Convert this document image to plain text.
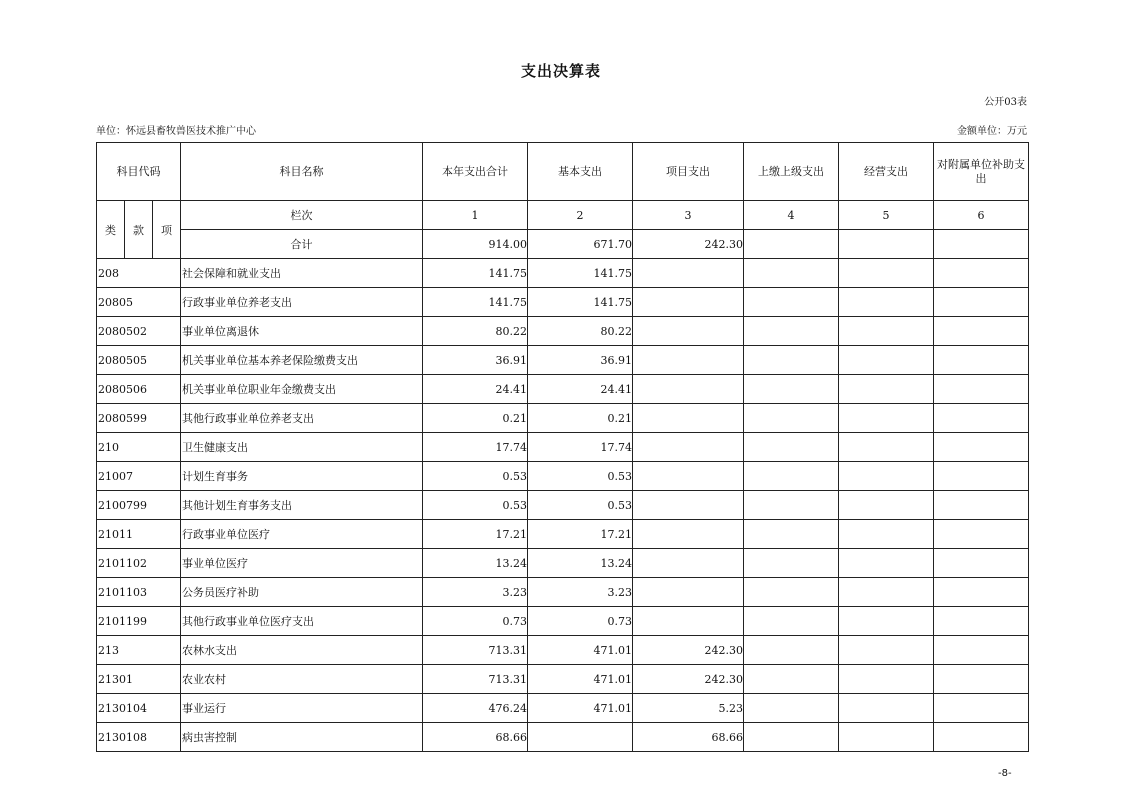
支出决算表
公开03表
单位：怀远县畜牧兽医技术推广中心	金额单位：万元
科目代码			科目名称	本年支出合计	基本支出	项目支出	上缴上级支出	经营支出	对附属单位补助支出
类	款	项	栏次	1	2	3	4	5	6
			合计	914.00	671.70	242.30			
208			社会保障和就业支出	141.75	141.75				
20805			行政事业单位养老支出	141.75	141.75				
2080502			事业单位离退休	80.22	80.22				
2080505			机关事业单位基本养老保险缴费支出	36.91	36.91				
2080506			机关事业单位职业年金缴费支出	24.41	24.41				
2080599			其他行政事业单位养老支出	0.21	0.21				
210			卫生健康支出	17.74	17.74				
21007			计划生育事务	0.53	0.53				
2100799			其他计划生育事务支出	0.53	0.53				
21011			行政事业单位医疗	17.21	17.21				
2101102			事业单位医疗	13.24	13.24				
2101103			公务员医疗补助	3.23	3.23				
2101199			其他行政事业单位医疗支出	0.73	0.73				
213			农林水支出	713.31	471.01	242.30			
21301			农业农村	713.31	471.01	242.30			
2130104			事业运行	476.24	471.01	5.23			
2130108			病虫害控制	68.66		68.66			
-8-
